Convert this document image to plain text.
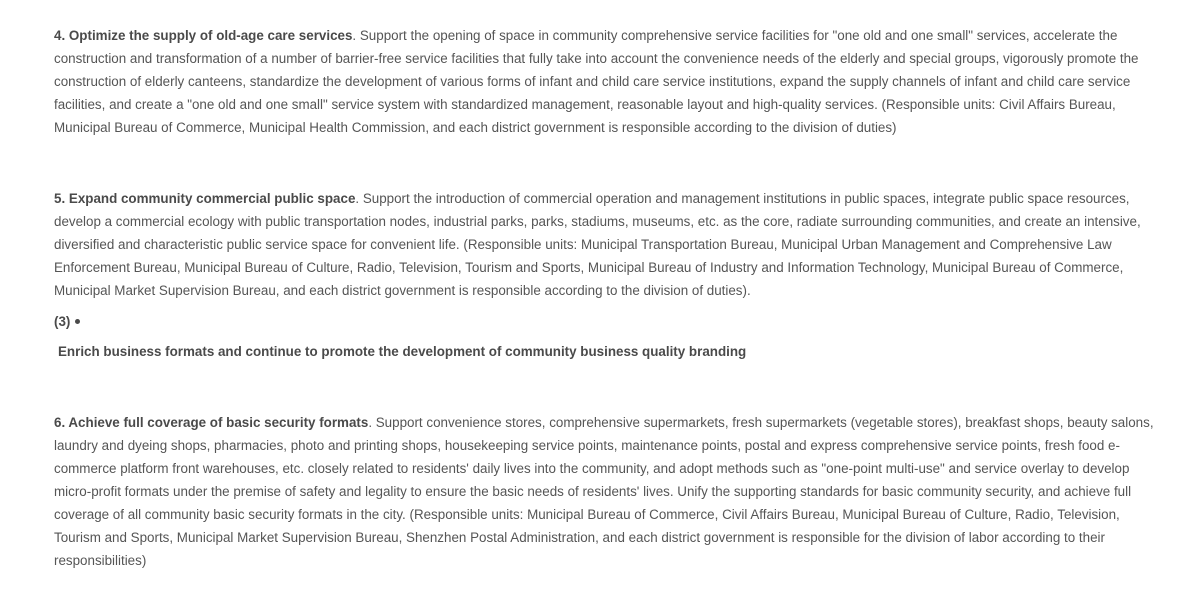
4. Optimize the supply of old-age care services. Support the opening of space in community comprehensive service facilities for "one old and one small" services, accelerate the construction and transformation of a number of barrier-free service facilities that fully take into account the convenience needs of the elderly and special groups, vigorously promote the construction of elderly canteens, standardize the development of various forms of infant and child care service institutions, expand the supply channels of infant and child care service facilities, and create a "one old and one small" service system with standardized management, reasonable layout and high-quality services. (Responsible units: Civil Affairs Bureau, Municipal Bureau of Commerce, Municipal Health Commission, and each district government is responsible according to the division of duties)

5. Expand community commercial public space. Support the introduction of commercial operation and management institutions in public spaces, integrate public space resources, develop a commercial ecology with public transportation nodes, industrial parks, parks, stadiums, museums, etc. as the core, radiate surrounding communities, and create an intensive, diversified and characteristic public service space for convenient life. (Responsible units: Municipal Transportation Bureau, Municipal Urban Management and Comprehensive Law Enforcement Bureau, Municipal Bureau of Culture, Radio, Television, Tourism and Sports, Municipal Bureau of Industry and Information Technology, Municipal Bureau of Commerce, Municipal Market Supervision Bureau, and each district government is responsible according to the division of duties).

(3)

Enrich business formats and continue to promote the development of community business quality branding

6. Achieve full coverage of basic security formats. Support convenience stores, comprehensive supermarkets, fresh supermarkets (vegetable stores), breakfast shops, beauty salons, laundry and dyeing shops, pharmacies, photo and printing shops, housekeeping service points, maintenance points, postal and express comprehensive service points, fresh food e-commerce platform front warehouses, etc. closely related to residents' daily lives into the community, and adopt methods such as "one-point multi-use" and service overlay to develop micro-profit formats under the premise of safety and legality to ensure the basic needs of residents' lives. Unify the supporting standards for basic community security, and achieve full coverage of all community basic security formats in the city. (Responsible units: Municipal Bureau of Commerce, Civil Affairs Bureau, Municipal Bureau of Culture, Radio, Television, Tourism and Sports, Municipal Market Supervision Bureau, Shenzhen Postal Administration, and each district government is responsible for the division of labor according to their responsibilities)
